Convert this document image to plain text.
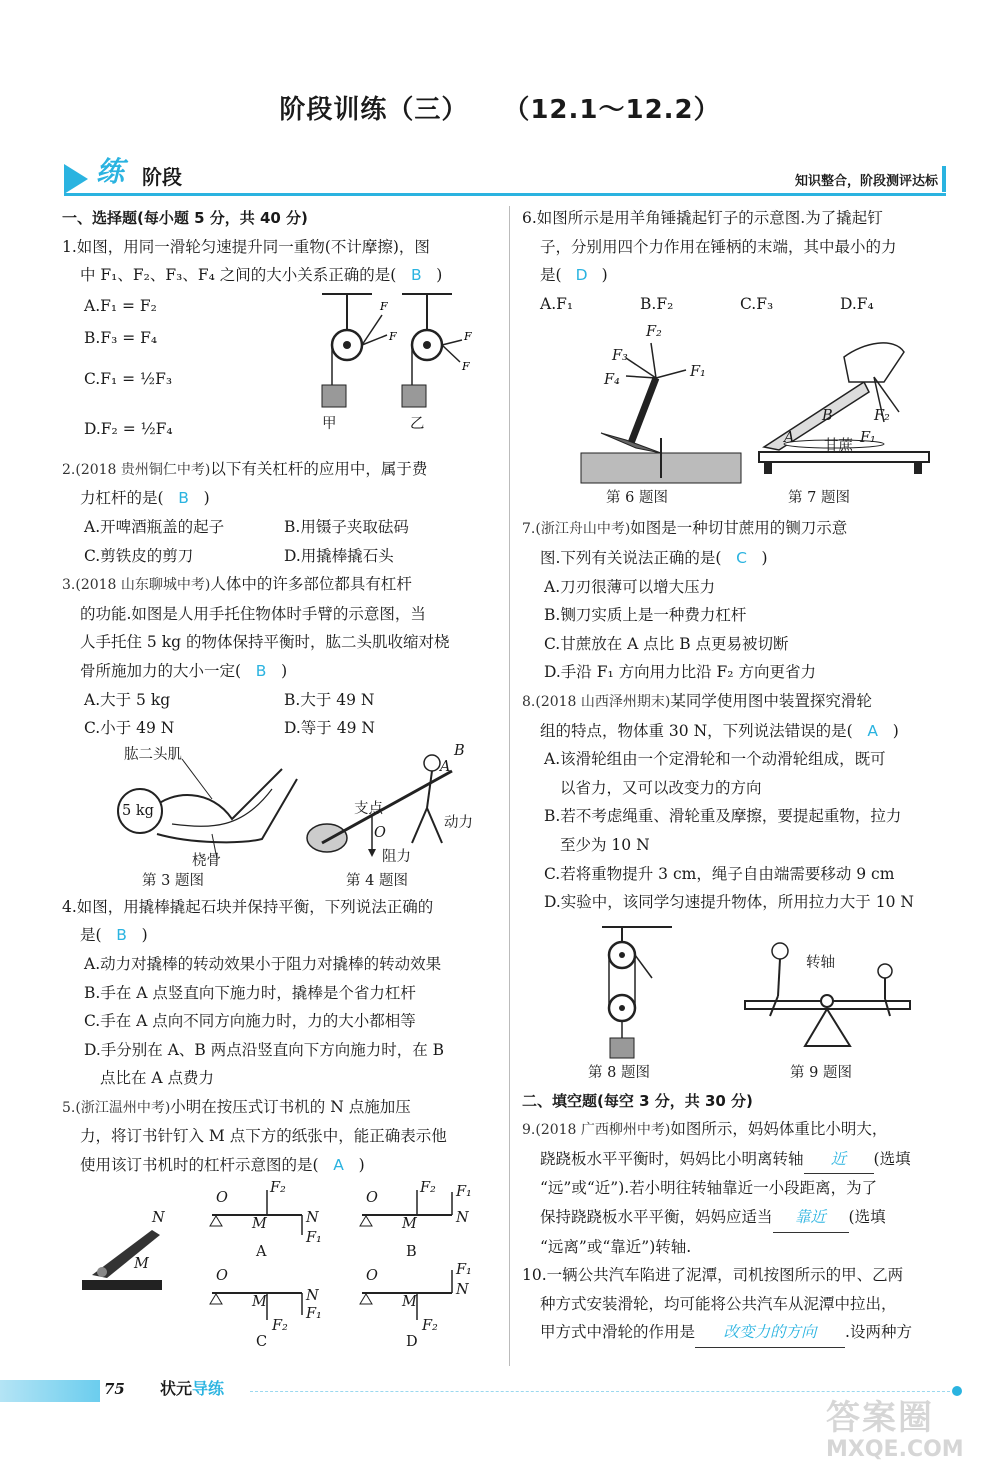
阶段训练（三） （12.1～12.2）
练 阶段	知识整合，阶段测评达标
一、选择题(每小题 5 分，共 40 分)
1.如图，用同一滑轮匀速提升同一重物(不计摩擦)，图
中 F₁、F₂、F₃、F₄ 之间的大小关系正确的是( B )
A.F₁ = F₂
B.F₃ = F₄
C.F₁ = ½F₃
D.F₂ = ½F₄
F
F	F
F
甲	乙
2.(2018 贵州铜仁中考)以下有关杠杆的应用中，属于费
力杠杆的是( B )
A.开啤酒瓶盖的起子	B.用镊子夹取砝码
C.剪铁皮的剪刀	D.用撬棒撬石头
3.(2018 山东聊城中考)人体中的许多部位都具有杠杆
的功能.如图是人用手托住物体时手臂的示意图，当
人手托住 5 kg 的物体保持平衡时，肱二头肌收缩对桡
骨所施加力的大小一定( B )
A.大于 5 kg	B.大于 49 N
C.小于 49 N	D.等于 49 N
肱二头肌
5 kg
桡骨
第 3 题图
支点
O
A
B
动力
阻力
第 4 题图
4.如图，用撬棒撬起石块并保持平衡，下列说法正确的
是( B )
A.动力对撬棒的转动效果小于阻力对撬棒的转动效果
B.手在 A 点竖直向下施力时，撬棒是个省力杠杆
C.手在 A 点向不同方向施力时，力的大小都相等
D.手分别在 A、B 两点沿竖直向下方向施力时，在 B
点比在 A 点费力
5.(浙江温州中考)小明在按压式订书机的 N 点施加压
力，将订书针钉入 M 点下方的纸张中，能正确表示他
使用该订书机时的杠杆示意图的是( A )
N
M
O
M	N
F₂
F₁
A
O
M	N
F₂ F₁
B
O
M	N
F₂
F₁
C
O
M
N
F₁
F₂
D
6.如图所示是用羊角锤撬起钉子的示意图.为了撬起钉
子，分别用四个力作用在锤柄的末端，其中最小的力
是( D )
A.F₁	B.F₂	C.F₃	D.F₄
F₁
F₂
F₃
F₄
第 6 题图
A
B	F₂
F₁
甘蔗
第 7 题图
7.(浙江舟山中考)如图是一种切甘蔗用的铡刀示意
图.下列有关说法正确的是( C )
A.刀刃很薄可以增大压力
B.铡刀实质上是一种费力杠杆
C.甘蔗放在 A 点比 B 点更易被切断
D.手沿 F₁ 方向用力比沿 F₂ 方向更省力
8.(2018 山西泽州期末)某同学使用图中装置探究滑轮
组的特点，物体重 30 N，下列说法错误的是( A )
A.该滑轮组由一个定滑轮和一个动滑轮组成，既可
以省力，又可以改变力的方向
B.若不考虑绳重、滑轮重及摩擦，要提起重物，拉力
至少为 10 N
C.若将重物提升 3 cm，绳子自由端需要移动 9 cm
D.实验中，该同学匀速提升物体，所用拉力大于 10 N
第 8 题图
转轴
第 9 题图
二、填空题(每空 3 分，共 30 分)
9.(2018 广西柳州中考)如图所示，妈妈体重比小明大，
跷跷板水平平衡时，妈妈比小明离转轴 近 (选填
“远”或“近”).若小明往转轴靠近一小段距离，为了
保持跷跷板水平平衡，妈妈应适当 靠近 (选填
“远离”或“靠近”)转轴.
10.一辆公共汽车陷进了泥潭，司机按图所示的甲、乙两
种方式安装滑轮，均可能将公共汽车从泥潭中拉出，
甲方式中滑轮的作用是 改变力的方向 .设两种方
75 状元导练
答案圈
MXQE.COM
